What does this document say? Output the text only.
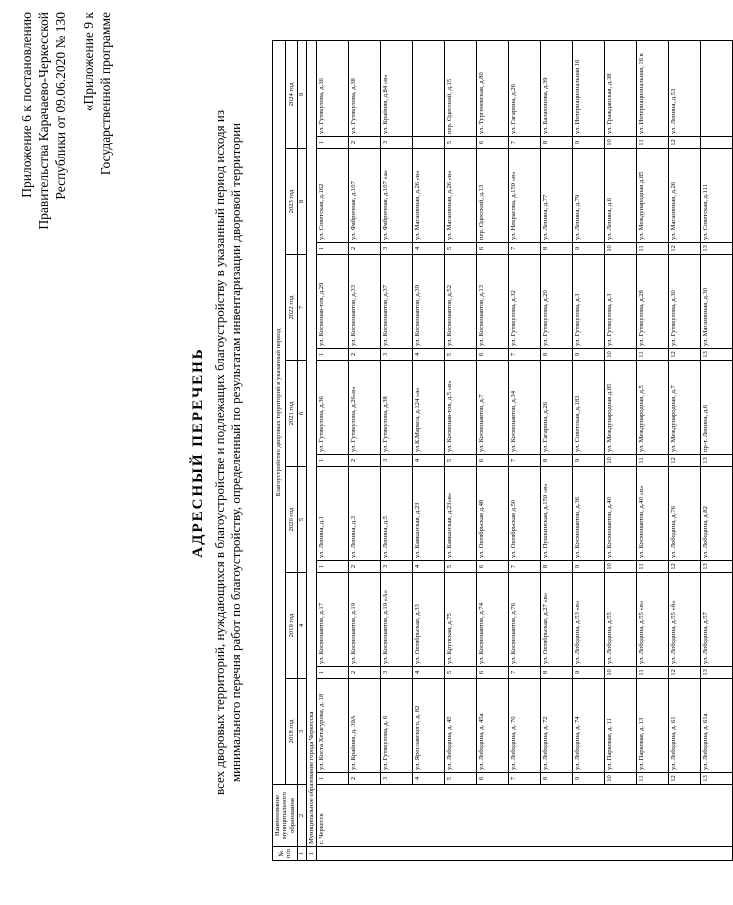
Приложение 6 к постановлению Правительства Карачаево-Черкесской Республики от 09.06.2020 № 130 «Приложение 9 к Государственной программе
АДРЕСНЫЙ ПЕРЕЧЕНЬ всех дворовых территорий, нуждающихся в благоустройстве и подлежащих благоустройству в указанный период исходя из минимального перечня работ по благоустройству, определенный по результатам инвентаризации дворовой территории
№ п/п	Наименование муниципального образования	Благоустройство дворовых территорий в указанный период													
		2018 год		2019 год		2020 год		2021 год		2022 год		2023 год		2024 год	
1	2	3		4		5		6		7		8		9	
1	Муниципальное образование города Черкесска														
	г. Черкесск	1	ул. Коста Хетагурова, д. 18	1	ул. Космонавтов, д.17	1	ул. Ленина, д.1	1	ул. Гутякулова, д.36	1	ул. Космонав-тов, д.29	1	ул. Советская, д.162	1	ул. Гутякулова, д.36
		2	ул. Крайняя, д. 39А	2	ул. Космонавтов, д.19	2	ул. Ленина, д.3	2	ул. Гутякулова, д.26«в»	2	ул. Космонавтов, д.33	2	ул. Фабричная, д.107	2	ул. Гутякулова, д.38
		3	ул. Гутякулова, д. 6	3	ул. Космонавтов, д.19 «А»	3	ул. Ленина, д.5	3	ул. Гутякулова, д.38	3	ул. Космонавтов, д.37	3	ул. Фабричная, д.107 «а»	3	ул. Крайняя, д.84 «в»
		4	ул. Ярославского, д. 82	4	ул. Октябрьская, д.33	4	ул. Кавказская, д.23	4	ул.К.Маркса, д.124 «а»	4	ул. Космонавтов, д.39	4	ул. Магазинная, д.26 «в»		
		5	ул. Лободина, д. 45	5	ул. Крупская, д.75	5	ул. Кавказская, д.23«в»	5	ул. Космонав-тов, д.5 «в»	5	ул. Космонавтов, д.52	5	ул. Магазинная, д.26 «в»	5	пер. Одесский, д.15
		6	ул. Лободина, д. 45а	6	ул. Космонавтов, д.74	6	ул. Октябрьская д.48	6	ул. Космонавтов, д.7	6	ул. Космонавтов, д.13	6	пер. Одесский, д.13	6	ул. Тургеневская, д.80
		7	ул. Лободина, д. 70	7	ул. Космонавтов, д.76	7	ул. Октябрьская д.50	7	ул. Космонавтов, д.34	7	ул. Гутякулова, д.32	7	ул. Некрасова, д.159 «в»	7	ул. Гагарина, д.26
		8	ул. Лободина, д. 72	8	ул. Октябрьская, д.27 «в»	8	ул. Пушкинская, д.159 «в»	8	ул. Гагарина, д.26	8	ул. Гутякулова, д.20	8	ул. Ленина, д.77	8	ул. Балахонова, д.39
		9	ул. Лободина, д. 74	9	ул. Лободина, д.53 «в»	9	ул. Космонавтов, д.36	9	ул. Советская, д.183	9	ул. Гутякулова, д.3	9	ул. Ленина, д.79	9	ул. Интернациональная 16
		10	ул. Парковая, д. 11	10	ул. Лободина, д.55	10	ул. Космонавтов, д.40	10	ул. Международная д.85	10	ул. Гутякулова, д.3	10	ул. Ленина, д.6	10	ул. Гражданская, д.38
		11	ул. Парковая, д. 13	11	ул. Лободина, д.55 «в»	11	ул. Космонавтов, д.40 «в»	11	ул. Международная, д.5	11	ул. Гутякулова, д.28	11	ул. Международная д.85	11	ул. Интернациональная, 16 в
		12	ул. Лободина, д. 61	12	ул. Лободина, д.55 «б»	12	ул. Лободина, д.76	12	ул. Международная, д.7	12	ул. Гутякулова, д.30	12	ул. Магазинная, д.26	12	ул. Ленина, д.53
		13	ул. Лободина, д. 61а	13	ул. Лободина, д.57	13	ул. Лободина, д.82	13	пр-т. Ленина, д.6	13	ул. Магазинная, д.30	13	ул. Советская, д.111		
